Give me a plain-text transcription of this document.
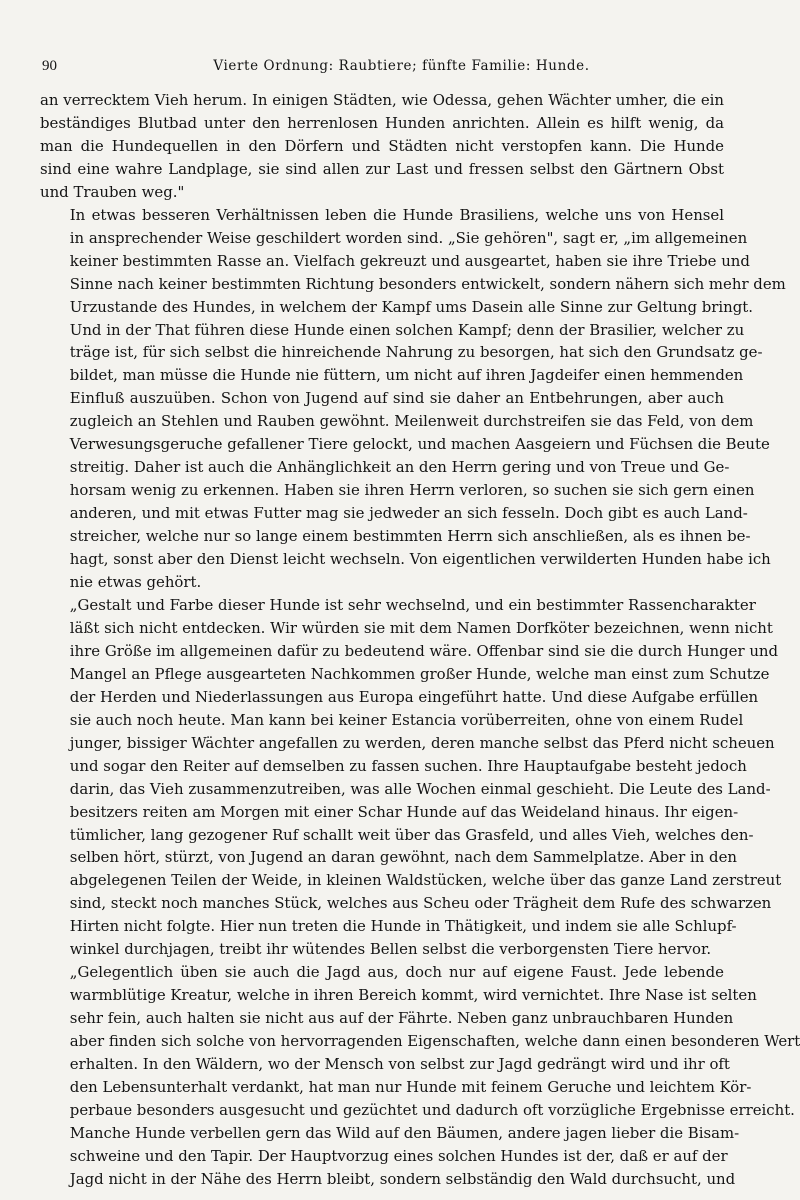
90	Vierte Ordnung: Raubtiere; fünfte Familie: Hunde.

an verrecktem Vieh herum. In einigen Städten, wie Odessa, gehen Wächter umher, die ein
beständiges Blutbad unter den herrenlosen Hunden anrichten. Allein es hilft wenig, da
man die Hundequellen in den Dörfern und Städten nicht verstopfen kann. Die Hunde
sind eine wahre Landplage, sie sind allen zur Last und fressen selbst den Gärtnern Obst
und Trauben weg."

In etwas besseren Verhältnissen leben die Hunde Brasiliens, welche uns von Hensel
in ansprechender Weise geschildert worden sind. „Sie gehören", sagt er, „im allgemeinen
keiner bestimmten Rasse an. Vielfach gekreuzt und ausgeartet, haben sie ihre Triebe und
Sinne nach keiner bestimmten Richtung besonders entwickelt, sondern nähern sich mehr dem
Urzustande des Hundes, in welchem der Kampf ums Dasein alle Sinne zur Geltung bringt.
Und in der That führen diese Hunde einen solchen Kampf; denn der Brasilier, welcher zu
träge ist, für sich selbst die hinreichende Nahrung zu besorgen, hat sich den Grundsatz ge-
bildet, man müsse die Hunde nie füttern, um nicht auf ihren Jagdeifer einen hemmenden
Einfluß auszuüben. Schon von Jugend auf sind sie daher an Entbehrungen, aber auch
zugleich an Stehlen und Rauben gewöhnt. Meilenweit durchstreifen sie das Feld, von dem
Verwesungsgeruche gefallener Tiere gelockt, und machen Aasgeiern und Füchsen die Beute
streitig. Daher ist auch die Anhänglichkeit an den Herrn gering und von Treue und Ge-
horsam wenig zu erkennen. Haben sie ihren Herrn verloren, so suchen sie sich gern einen
anderen, und mit etwas Futter mag sie jedweder an sich fesseln. Doch gibt es auch Land-
streicher, welche nur so lange einem bestimmten Herrn sich anschließen, als es ihnen be-
hagt, sonst aber den Dienst leicht wechseln. Von eigentlichen verwilderten Hunden habe ich
nie etwas gehört.

„Gestalt und Farbe dieser Hunde ist sehr wechselnd, und ein bestimmter Rassencharakter
läßt sich nicht entdecken. Wir würden sie mit dem Namen Dorfköter bezeichnen, wenn nicht
ihre Größe im allgemeinen dafür zu bedeutend wäre. Offenbar sind sie die durch Hunger und
Mangel an Pflege ausgearteten Nachkommen großer Hunde, welche man einst zum Schutze
der Herden und Niederlassungen aus Europa eingeführt hatte. Und diese Aufgabe erfüllen
sie auch noch heute. Man kann bei keiner Estancia vorüberreiten, ohne von einem Rudel
junger, bissiger Wächter angefallen zu werden, deren manche selbst das Pferd nicht scheuen
und sogar den Reiter auf demselben zu fassen suchen. Ihre Hauptaufgabe besteht jedoch
darin, das Vieh zusammenzutreiben, was alle Wochen einmal geschieht. Die Leute des Land-
besitzers reiten am Morgen mit einer Schar Hunde auf das Weideland hinaus. Ihr eigen-
tümlicher, lang gezogener Ruf schallt weit über das Grasfeld, und alles Vieh, welches den-
selben hört, stürzt, von Jugend an daran gewöhnt, nach dem Sammelplatze. Aber in den
abgelegenen Teilen der Weide, in kleinen Waldstücken, welche über das ganze Land zerstreut
sind, steckt noch manches Stück, welches aus Scheu oder Trägheit dem Rufe des schwarzen
Hirten nicht folgte. Hier nun treten die Hunde in Thätigkeit, und indem sie alle Schlupf-
winkel durchjagen, treibt ihr wütendes Bellen selbst die verborgensten Tiere hervor.

„Gelegentlich üben sie auch die Jagd aus, doch nur auf eigene Faust. Jede lebende
warmblütige Kreatur, welche in ihren Bereich kommt, wird vernichtet. Ihre Nase ist selten
sehr fein, auch halten sie nicht aus auf der Fährte. Neben ganz unbrauchbaren Hunden
aber finden sich solche von hervorragenden Eigenschaften, welche dann einen besonderen Wert
erhalten. In den Wäldern, wo der Mensch von selbst zur Jagd gedrängt wird und ihr oft
den Lebensunterhalt verdankt, hat man nur Hunde mit feinem Geruche und leichtem Kör-
perbaue besonders ausgesucht und gezüchtet und dadurch oft vorzügliche Ergebnisse erreicht.
Manche Hunde verbellen gern das Wild auf den Bäumen, andere jagen lieber die Bisam-
schweine und den Tapir. Der Hauptvorzug eines solchen Hundes ist der, daß er auf der
Jagd nicht in der Nähe des Herrn bleibt, sondern selbständig den Wald durchsucht, und
